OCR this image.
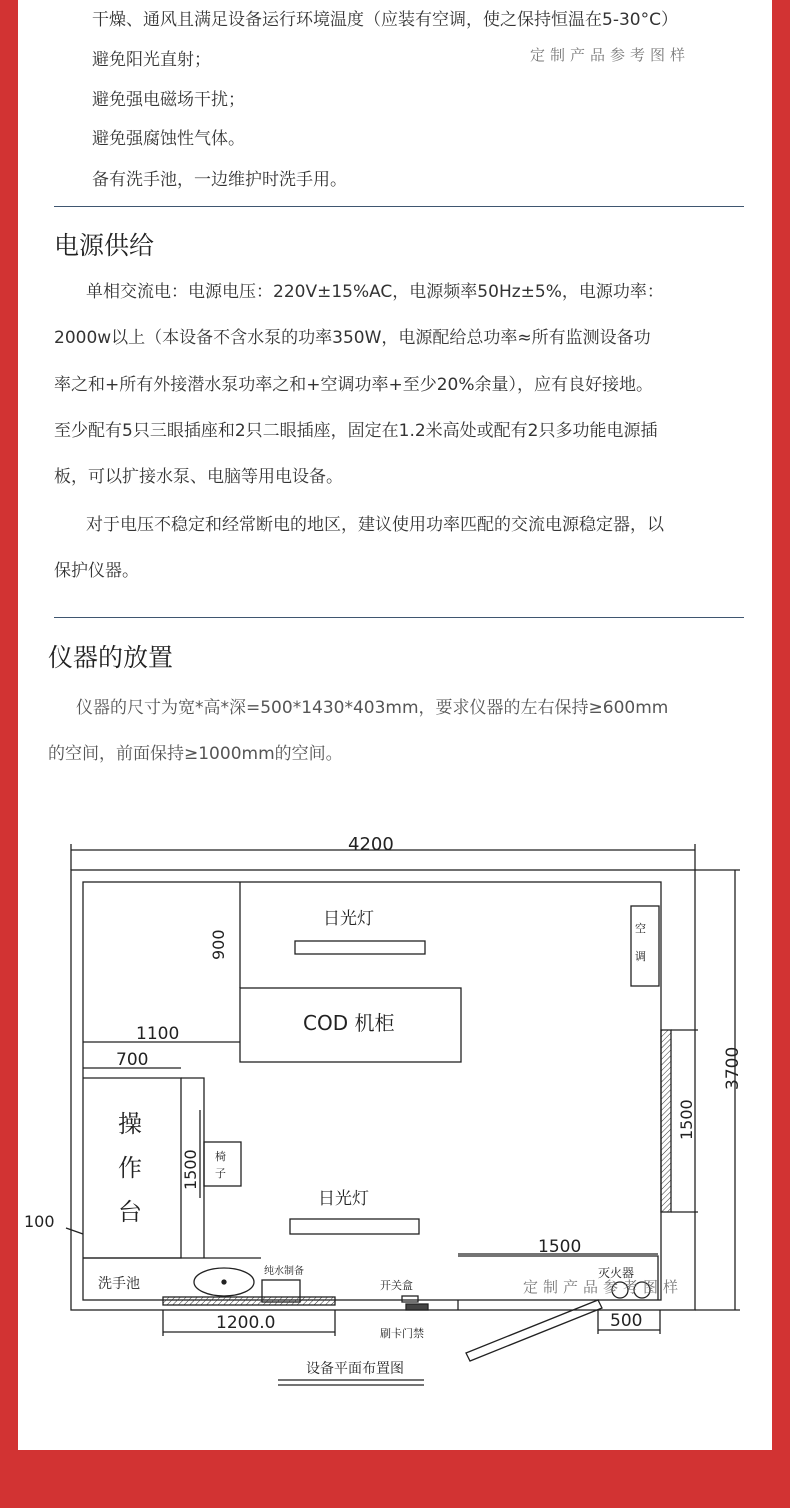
干燥、通风且满足设备运行环境温度（应装有空调，使之保持恒温在5-30°C）
避免阳光直射；	定制产品参考图样
避免强电磁场干扰；
避免强腐蚀性气体。
备有洗手池，一边维护时洗手用。
电源供给
单相交流电：电源电压：220V±15%AC，电源频率50Hz±5%，电源功率：
2000w以上（本设备不含水泵的功率350W，电源配给总功率≈所有监测设备功
率之和+所有外接潜水泵功率之和+空调功率+至少20%余量），应有良好接地。
至少配有5只三眼插座和2只二眼插座，固定在1.2米高处或配有2只多功能电源插
板，可以扩接水泵、电脑等用电设备。
对于电压不稳定和经常断电的地区，建议使用功率匹配的交流电源稳定器，以
保护仪器。
仪器的放置
仪器的尺寸为宽*高*深=500*1430*403mm，要求仪器的左右保持≥600mm
的空间，前面保持≥1000mm的空间。
4200
3700
900
1100
700
1500
1500
1500
100
1200.0	500
日光灯
COD 机柜
操
作
台
椅
子
日光灯
洗手池
纯水制备
开关盒
刷卡门禁
灭火器
空
调
定制产品参考图样
设备平面布置图
